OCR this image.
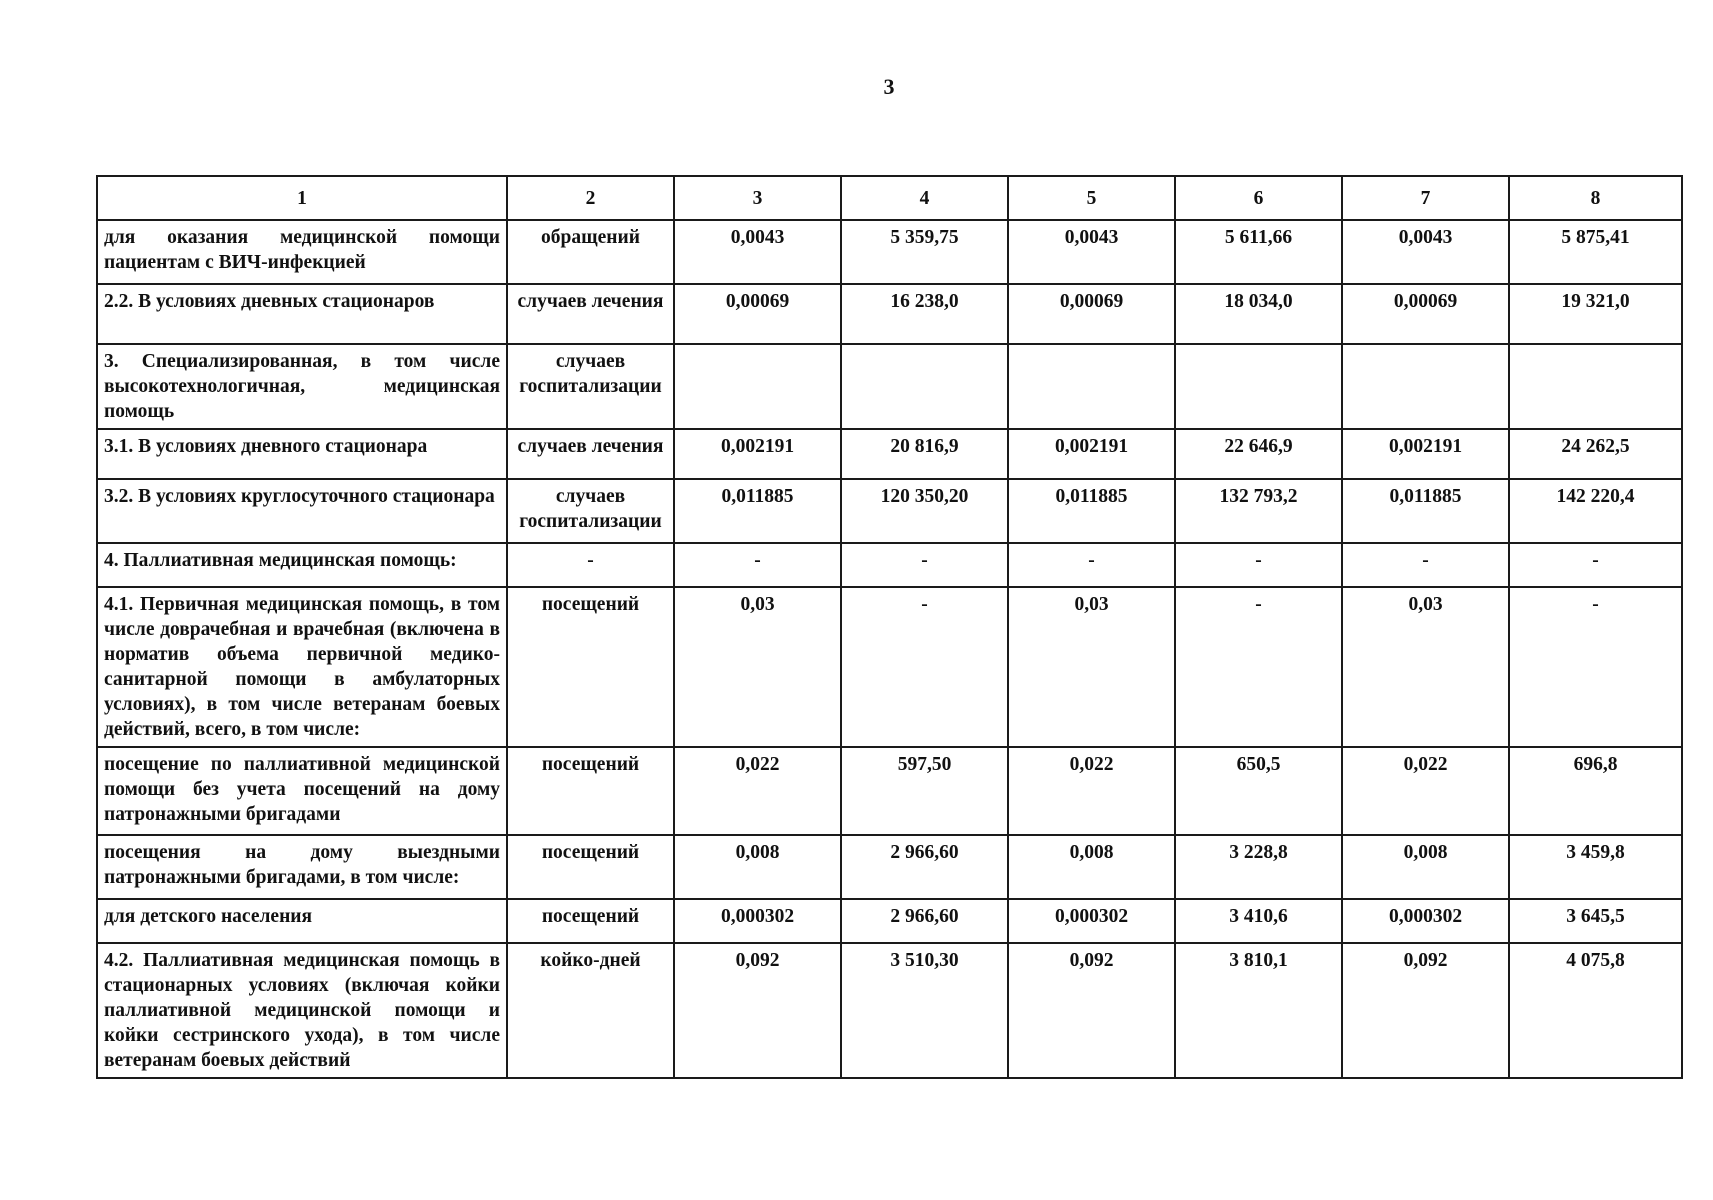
3
1	2	3	4	5	6	7	8
для оказания медицинской помощи пациентам с ВИЧ-инфекцией	обращений	0,0043	5 359,75	0,0043	5 611,66	0,0043	5 875,41
2.2. В условиях дневных стационаров	случаев лечения	0,00069	16 238,0	0,00069	18 034,0	0,00069	19 321,0
3. Специализированная, в том числе высокотехнологичная, медицинская помощь	случаев госпитализации						
3.1. В условиях дневного стационара	случаев лечения	0,002191	20 816,9	0,002191	22 646,9	0,002191	24 262,5
3.2. В условиях круглосуточного стационара	случаев госпитализации	0,011885	120 350,20	0,011885	132 793,2	0,011885	142 220,4
4. Паллиативная медицинская помощь:	-	-	-	-	-	-	-
4.1. Первичная медицинская помощь, в том числе доврачебная и врачебная (включена в норматив объема первичной медико-санитарной помощи в амбулаторных условиях), в том числе ветеранам боевых действий, всего, в том числе:	посещений	0,03	-	0,03	-	0,03	-
посещение по паллиативной медицинской помощи без учета посещений на дому патронажными бригадами	посещений	0,022	597,50	0,022	650,5	0,022	696,8
посещения на дому выездными патронажными бригадами, в том числе:	посещений	0,008	2 966,60	0,008	3 228,8	0,008	3 459,8
для детского населения	посещений	0,000302	2 966,60	0,000302	3 410,6	0,000302	3 645,5
4.2. Паллиативная медицинская помощь в стационарных условиях (включая койки паллиативной медицинской помощи и койки сестринского ухода), в том числе ветеранам боевых действий	койко-дней	0,092	3 510,30	0,092	3 810,1	0,092	4 075,8
